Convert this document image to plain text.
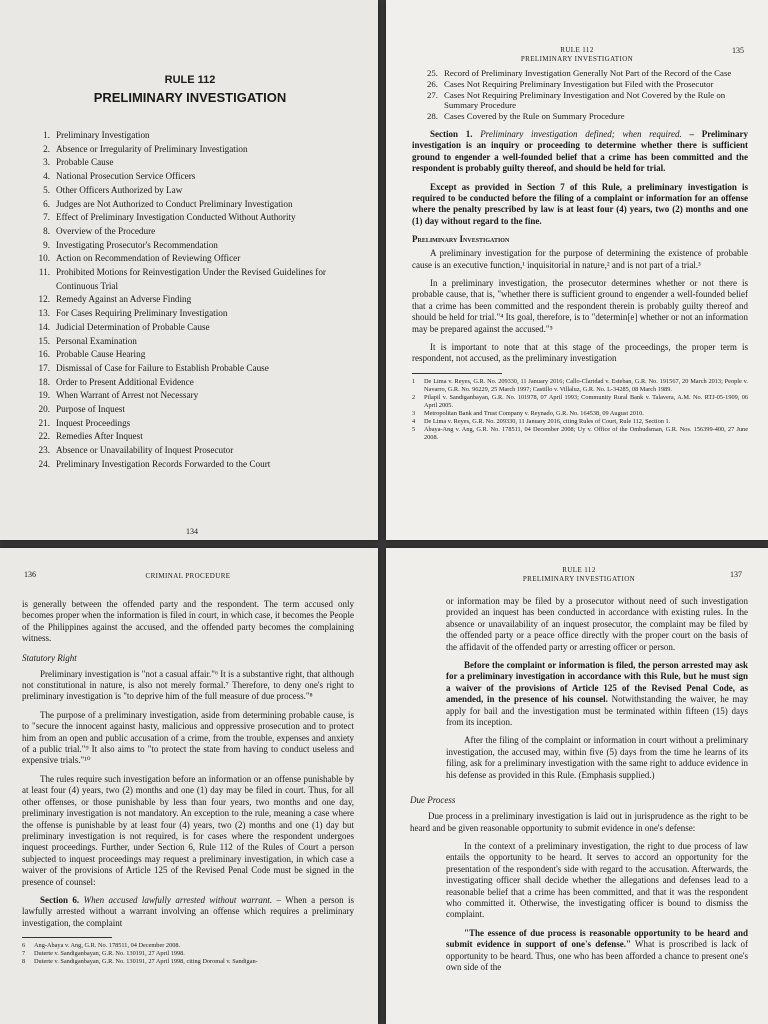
RULE 112
PRELIMINARY INVESTIGATION
1. Preliminary Investigation
2. Absence or Irregularity of Preliminary Investigation
3. Probable Cause
4. National Prosecution Service Officers
5. Other Officers Authorized by Law
6. Judges are Not Authorized to Conduct Preliminary Investigation
7. Effect of Preliminary Investigation Conducted Without Authority
8. Overview of the Procedure
9. Investigating Prosecutor's Recommendation
10. Action on Recommendation of Reviewing Officer
11. Prohibited Motions for Reinvestigation Under the Revised Guidelines for Continuous Trial
12. Remedy Against an Adverse Finding
13. For Cases Requiring Preliminary Investigation
14. Judicial Determination of Probable Cause
15. Personal Examination
16. Probable Cause Hearing
17. Dismissal of Case for Failure to Establish Probable Cause
18. Order to Present Additional Evidence
19. When Warrant of Arrest not Necessary
20. Purpose of Inquest
21. Inquest Proceedings
22. Remedies After Inquest
23. Absence or Unavailability of Inquest Prosecutor
24. Preliminary Investigation Records Forwarded to the Court
134
RULE 112
PRELIMINARY INVESTIGATION
135
25. Record of Preliminary Investigation Generally Not Part of the Record of the Case
26. Cases Not Requiring Preliminary Investigation but Filed with the Prosecutor
27. Cases Not Requiring Preliminary Investigation and Not Covered by the Rule on Summary Procedure
28. Cases Covered by the Rule on Summary Procedure

Section 1. Preliminary investigation defined; when required. – Preliminary investigation is an inquiry or proceeding to determine whether there is sufficient ground to engender a well-founded belief that a crime has been committed and the respondent is probably guilty thereof, and should be held for trial.

Except as provided in Section 7 of this Rule, a preliminary investigation is required to be conducted before the filing of a complaint or information for an offense where the penalty prescribed by law is at least four (4) years, two (2) months and one (1) day without regard to the fine.

Preliminary Investigation

A preliminary investigation for the purpose of determining the existence of probable cause is an executive function,¹ inquisitorial in nature,² and is not part of a trial.³

In a preliminary investigation, the prosecutor determines whether or not there is probable cause, that is, "whether there is sufficient ground to engender a well-founded belief that a crime has been committed and the respondent therein is probably guilty thereof and should be held for trial."⁴ Its goal, therefore, is to "determin[e] whether or not an information may be prepared against the accused."⁵

It is important to note that at this stage of the proceedings, the proper term is respondent, not accused, as the preliminary investigation

1	De Lima v. Reyes, G.R. No. 209330, 11 January 2016; Callo-Claridad v. Esteban, G.R. No. 191567, 20 March 2013; People v. Navarro, G.R. No. 96229, 25 March 1997; Castillo v. Villaluz, G.R. No. L-34285, 08 March 1989.
2	Pilapil v. Sandiganbayan, G.R. No. 101978, 07 April 1993; Community Rural Bank v. Talavera, A.M. No. RTJ-05-1909, 06 April 2005.
3	Metropolitan Bank and Trust Company v. Reynado, G.R. No. 164538, 09 August 2010.
4	De Lima v. Reyes, G.R. No. 209330, 11 January 2016, citing Rules of Court, Rule 112, Section 1.
5	Abaya-Ang v. Ang, G.R. No. 178511, 04 December 2008; Uy v. Office of the Ombudsman, G.R. Nos. 156399-400, 27 June 2008.
136	CRIMINAL PROCEDURE

is generally between the offended party and the respondent. The term accused only becomes proper when the information is filed in court, in which case, it becomes the People of the Philippines against the accused, and the offended party becomes the complaining witness.

Statutory Right

Preliminary investigation is "not a casual affair."⁶ It is a substantive right, that although not constitutional in nature, is also not merely formal.⁷ Therefore, to deny one's right to preliminary investigation is "to deprive him of the full measure of due process."⁸

The purpose of a preliminary investigation, aside from determining probable cause, is to "secure the innocent against hasty, malicious and oppressive prosecution and to protect him from an open and public accusation of a crime, from the trouble, expenses and anxiety of a public trial."⁹ It also aims to "to protect the state from having to conduct useless and expensive trials."¹⁰

The rules require such investigation before an information or an offense punishable by at least four (4) years, two (2) months and one (1) day may be filed in court. Thus, for all other offenses, or those punishable by less than four years, two months and one day, preliminary investigation is not mandatory. An exception to the rule, meaning a case where the offense is punishable by at least four (4) years, two (2) months and one (1) day but preliminary investigation is not required, is for cases where the respondent undergoes inquest proceedings. Further, under Section 6, Rule 112 of the Rules of Court a person subjected to inquest proceedings may request a preliminary investigation, in which case a waiver of the provisions of Article 125 of the Revised Penal Code must be signed in the presence of counsel:

Section 6. When accused lawfully arrested without warrant. – When a person is lawfully arrested without a warrant involving an offense which requires a preliminary investigation, the complaint

6	Ang-Abaya v. Ang, G.R. No. 178511, 04 December 2008.
7	Duterte v. Sandiganbayan, G.R. No. 130191, 27 April 1998.
8	Duterte v. Sandiganbayan, G.R. No. 130191, 27 April 1998, citing Doromal v. Sandigan-
137
RULE 112
PRELIMINARY INVESTIGATION

or information may be filed by a prosecutor without need of such investigation provided an inquest has been conducted in accordance with existing rules. In the absence or unavailability of an inquest prosecutor, the complaint may be filed by the offended party or a peace office directly with the proper court on the basis of the affidavit of the offended party or arresting officer or person.

Before the complaint or information is filed, the person arrested may ask for a preliminary investigation in accordance with this Rule, but he must sign a waiver of the provisions of Article 125 of the Revised Penal Code, as amended, in the presence of his counsel. Notwithstanding the waiver, he may apply for bail and the investigation must be terminated within fifteen (15) days from its inception.

After the filing of the complaint or information in court without a preliminary investigation, the accused may, within five (5) days from the time he learns of its filing, ask for a preliminary investigation with the same right to adduce evidence in his defense as provided in this Rule. (Emphasis supplied.)

Due Process

Due process in a preliminary investigation is laid out in jurisprudence as the right to be heard and be given reasonable opportunity to submit evidence in one's defense:

In the context of a preliminary investigation, the right to due process of law entails the opportunity to be heard. It serves to accord an opportunity for the presentation of the respondent's side with regard to the accusation. Afterwards, the investigating officer shall decide whether the allegations and defenses lead to a reasonable belief that a crime has been committed, and that it was the respondent who committed it. Otherwise, the investigating officer is bound to dismiss the complaint.

"The essence of due process is reasonable opportunity to be heard and submit evidence in support of one's defense." What is proscribed is lack of opportunity to be heard. Thus, one who has been afforded a chance to present one's own side of the
